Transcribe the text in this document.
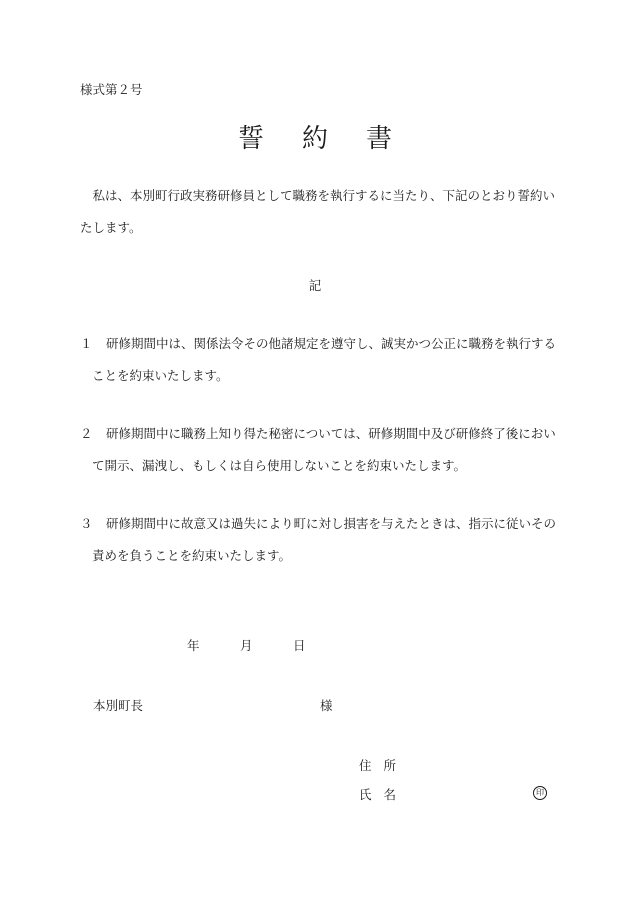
様式第２号
誓約書
私は、本別町行政実務研修員として職務を執行するに当たり、下記のとおり誓約いたします。
記
１	研修期間中は、関係法令その他諸規定を遵守し、誠実かつ公正に職務を執行することを約束いたします。
２	研修期間中に職務上知り得た秘密については、研修期間中及び研修終了後において開示、漏洩し、もしくは自ら使用しないことを約束いたします。
３	研修期間中に故意又は過失により町に対し損害を与えたときは、指示に従いその責めを負うことを約束いたします。
年	月	日
本別町長	様
住所
氏名	印
